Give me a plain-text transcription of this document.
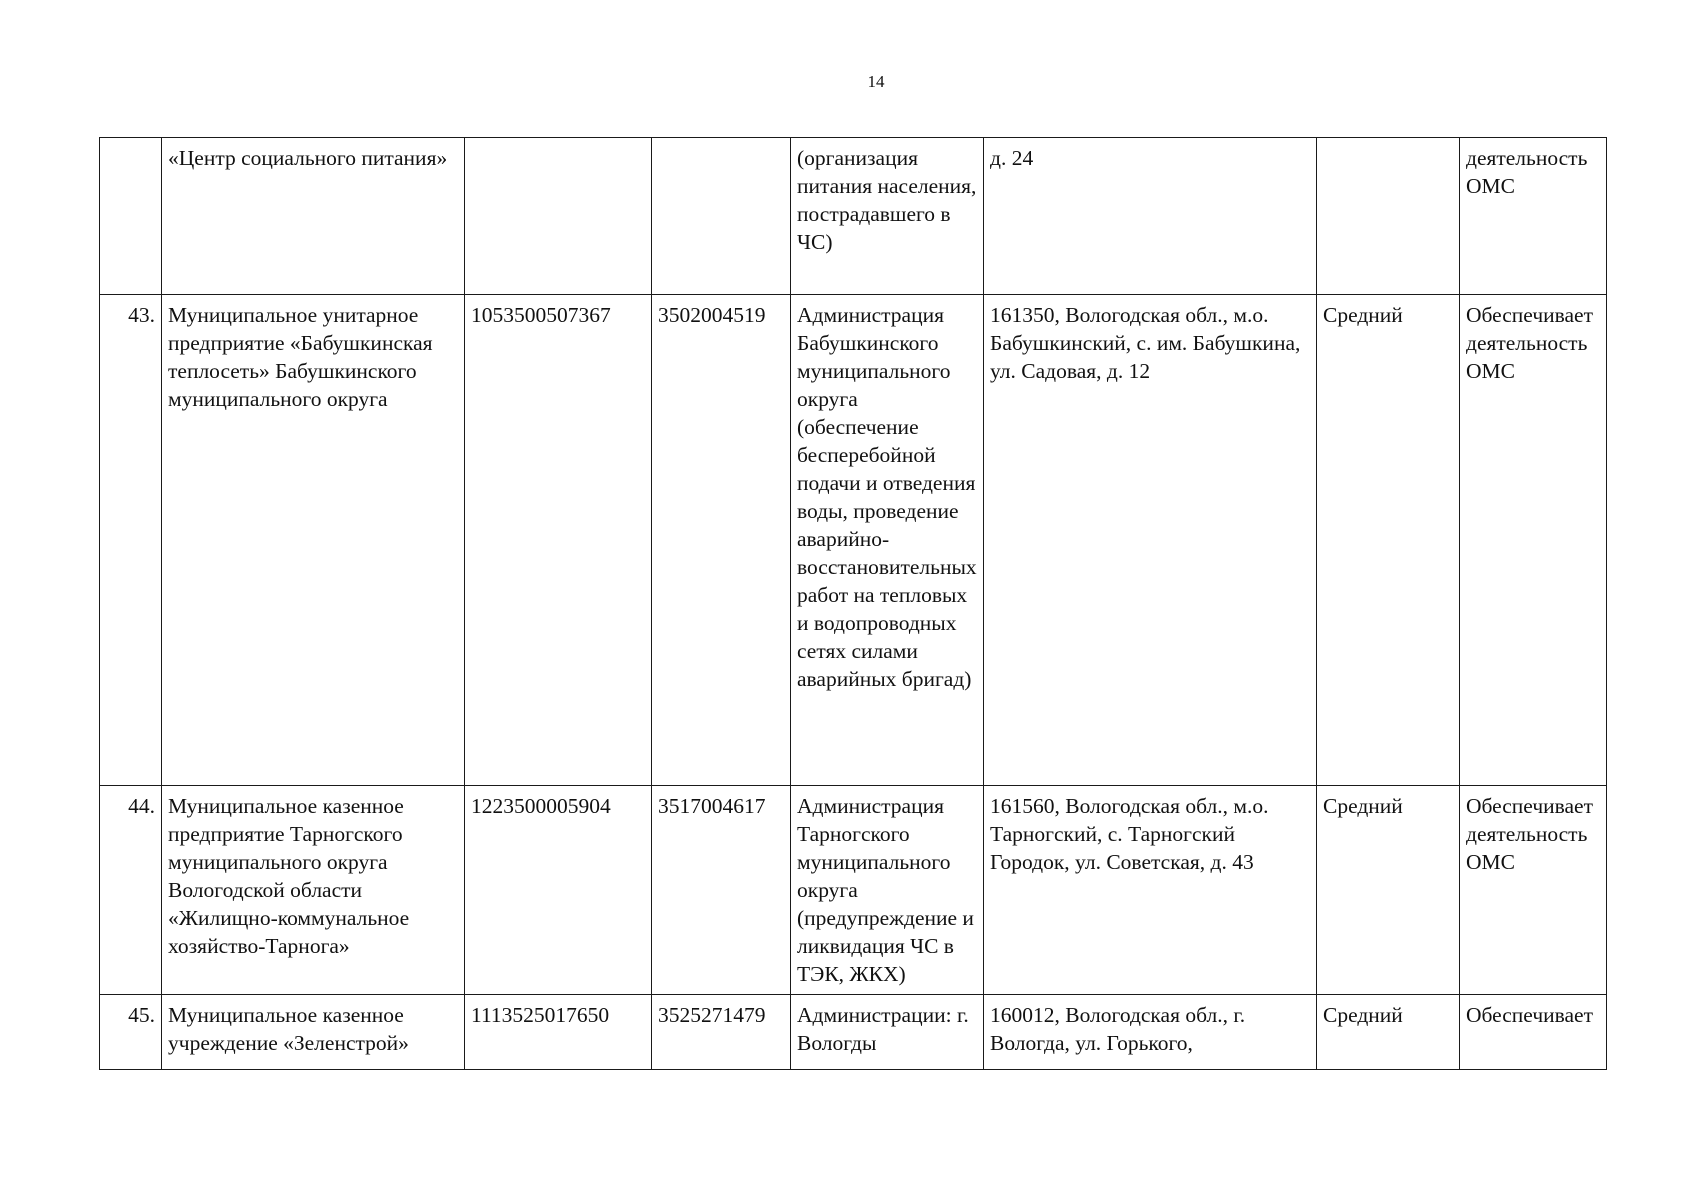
14
	«Центр социального питания»			(организация питания населения, пострадавшего в ЧС)	д. 24		деятельность ОМС
43.	Муниципальное унитарное предприятие «Бабушкинская теплосеть» Бабушкинского муниципального округа	1053500507367	3502004519	Администрация Бабушкинского муниципального округа (обеспечение бесперебойной подачи и отведения воды, проведение аварийно-восстановительных работ на тепловых и водопроводных сетях силами аварийных бригад)	161350, Вологодская обл., м.о. Бабушкинский, с. им. Бабушкина, ул. Садовая, д. 12	Средний	Обеспечивает деятельность ОМС
44.	Муниципальное казенное предприятие Тарногского муниципального округа Вологодской области «Жилищно-коммунальное хозяйство-Тарнога»	1223500005904	3517004617	Администрация Тарногского муниципального округа (предупреждение и ликвидация ЧС в ТЭК, ЖКХ)	161560, Вологодская обл., м.о. Тарногский, с. Тарногский Городок, ул. Советская, д. 43	Средний	Обеспечивает деятельность ОМС
45.	Муниципальное казенное учреждение «Зеленстрой»	1113525017650	3525271479	Администрации: г. Вологды	160012, Вологодская обл., г. Вологда, ул. Горького,	Средний	Обеспечивает
